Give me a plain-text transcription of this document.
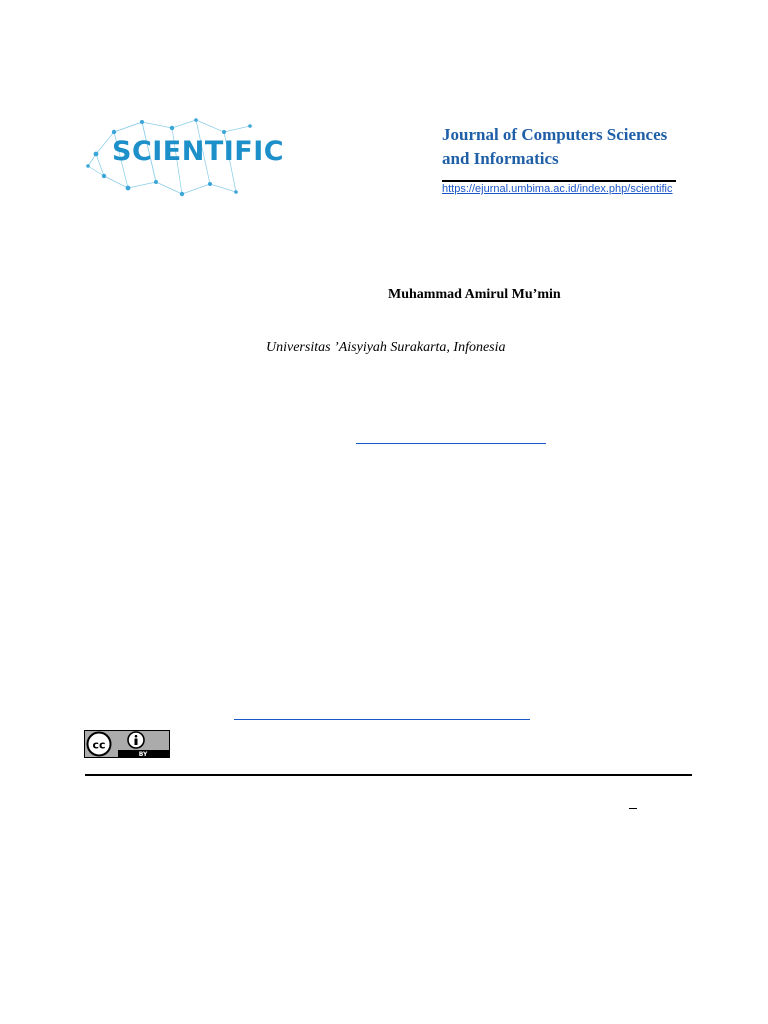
SCIENTIFIC
Journal of Computers Sciences
and Informatics
https://ejurnal.umbima.ac.id/index.php/scientific
Muhammad Amirul Mu’min
Universitas ’Aisyiyah Surakarta, Infonesia
cc
BY
